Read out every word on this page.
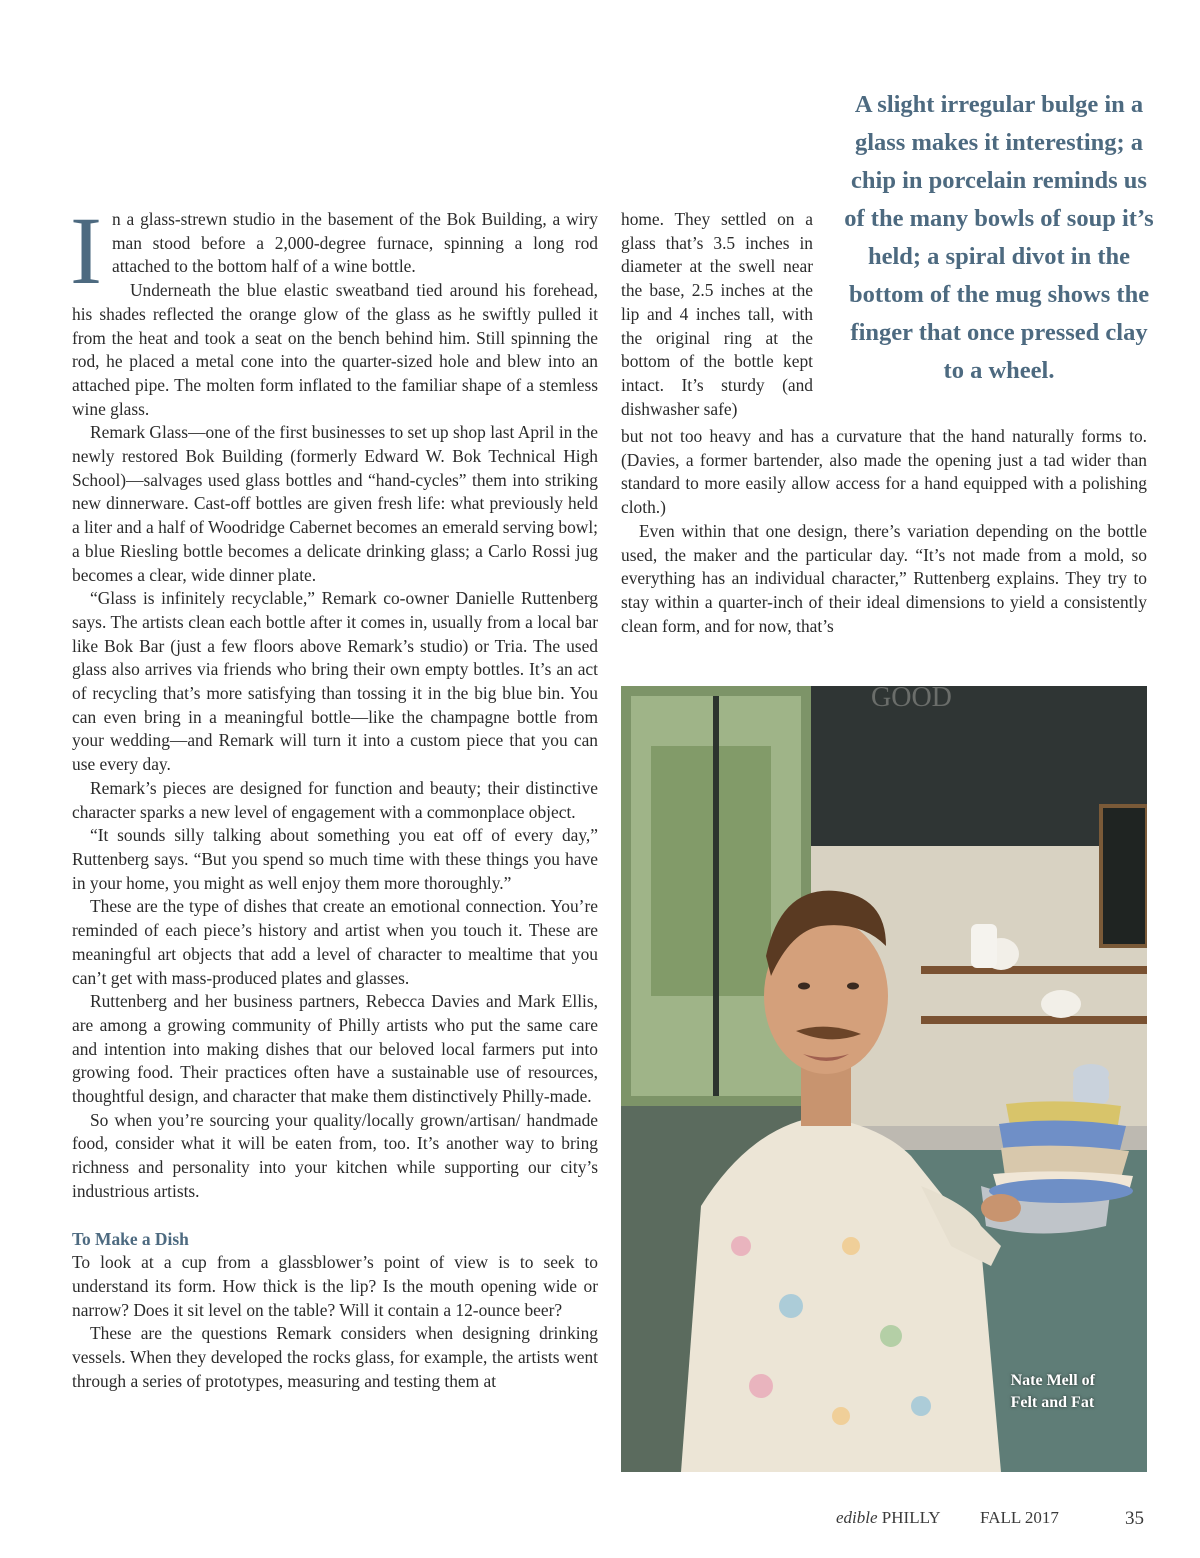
A slight irregular bulge in a glass makes it interesting; a chip in porcelain reminds us of the many bowls of soup it’s held; a spiral divot in the bottom of the mug shows the finger that once pressed clay to a wheel.

In a glass-strewn studio in the basement of the Bok Building, a wiry man stood before a 2,000-degree furnace, spinning a long rod attached to the bottom half of a wine bottle.

Underneath the blue elastic sweatband tied around his forehead, his shades reflected the orange glow of the glass as he swiftly pulled it from the heat and took a seat on the bench behind him. Still spinning the rod, he placed a metal cone into the quarter-sized hole and blew into an attached pipe. The molten form inflated to the familiar shape of a stemless wine glass.

Remark Glass—one of the first businesses to set up shop last April in the newly restored Bok Building (formerly Edward W. Bok Technical High School)—salvages used glass bottles and “hand-cycles” them into striking new dinnerware. Cast-off bottles are given fresh life: what previously held a liter and a half of Woodridge Cabernet becomes an emerald serving bowl; a blue Riesling bottle becomes a delicate drinking glass; a Carlo Rossi jug becomes a clear, wide dinner plate.

“Glass is infinitely recyclable,” Remark co-owner Danielle Ruttenberg says. The artists clean each bottle after it comes in, usually from a local bar like Bok Bar (just a few floors above Remark’s studio) or Tria. The used glass also arrives via friends who bring their own empty bottles. It’s an act of recycling that’s more satisfying than tossing it in the big blue bin. You can even bring in a meaningful bottle—like the champagne bottle from your wedding—and Remark will turn it into a custom piece that you can use every day.

Remark’s pieces are designed for function and beauty; their distinctive character sparks a new level of engagement with a commonplace object.

“It sounds silly talking about something you eat off of every day,” Ruttenberg says. “But you spend so much time with these things you have in your home, you might as well enjoy them more thoroughly.”

These are the type of dishes that create an emotional connection. You’re reminded of each piece’s history and artist when you touch it. These are meaningful art objects that add a level of character to mealtime that you can’t get with mass-produced plates and glasses.

Ruttenberg and her business partners, Rebecca Davies and Mark Ellis, are among a growing community of Philly artists who put the same care and intention into making dishes that our beloved local farmers put into growing food. Their practices often have a sustainable use of resources, thoughtful design, and character that make them distinctively Philly-made.

So when you’re sourcing your quality/locally grown/artisan/ handmade food, consider what it will be eaten from, too. It’s another way to bring richness and personality into your kitchen while supporting our city’s industrious artists.

To Make a Dish

To look at a cup from a glassblower’s point of view is to seek to understand its form. How thick is the lip? Is the mouth opening wide or narrow? Does it sit level on the table? Will it contain a 12-ounce beer?

These are the questions Remark considers when designing drinking vessels. When they developed the rocks glass, for example, the artists went through a series of prototypes, measuring and testing them at

home. They settled on a glass that’s 3.5 inches in diameter at the swell near the base, 2.5 inches at the lip and 4 inches tall, with the original ring at the bottom of the bottle kept intact. It’s sturdy (and dishwasher safe)

but not too heavy and has a curvature that the hand naturally forms to. (Davies, a former bartender, also made the opening just a tad wider than standard to more easily allow access for a hand equipped with a polishing cloth.)

Even within that one design, there’s variation depending on the bottle used, the maker and the particular day. “It’s not made from a mold, so everything has an individual character,” Ruttenberg explains. They try to stay within a quarter-inch of their ideal dimensions to yield a consistently clean form, and for now, that’s

GOOD
Nate Mell of
Felt and Fat
edible PHILLY FALL 2017	35
